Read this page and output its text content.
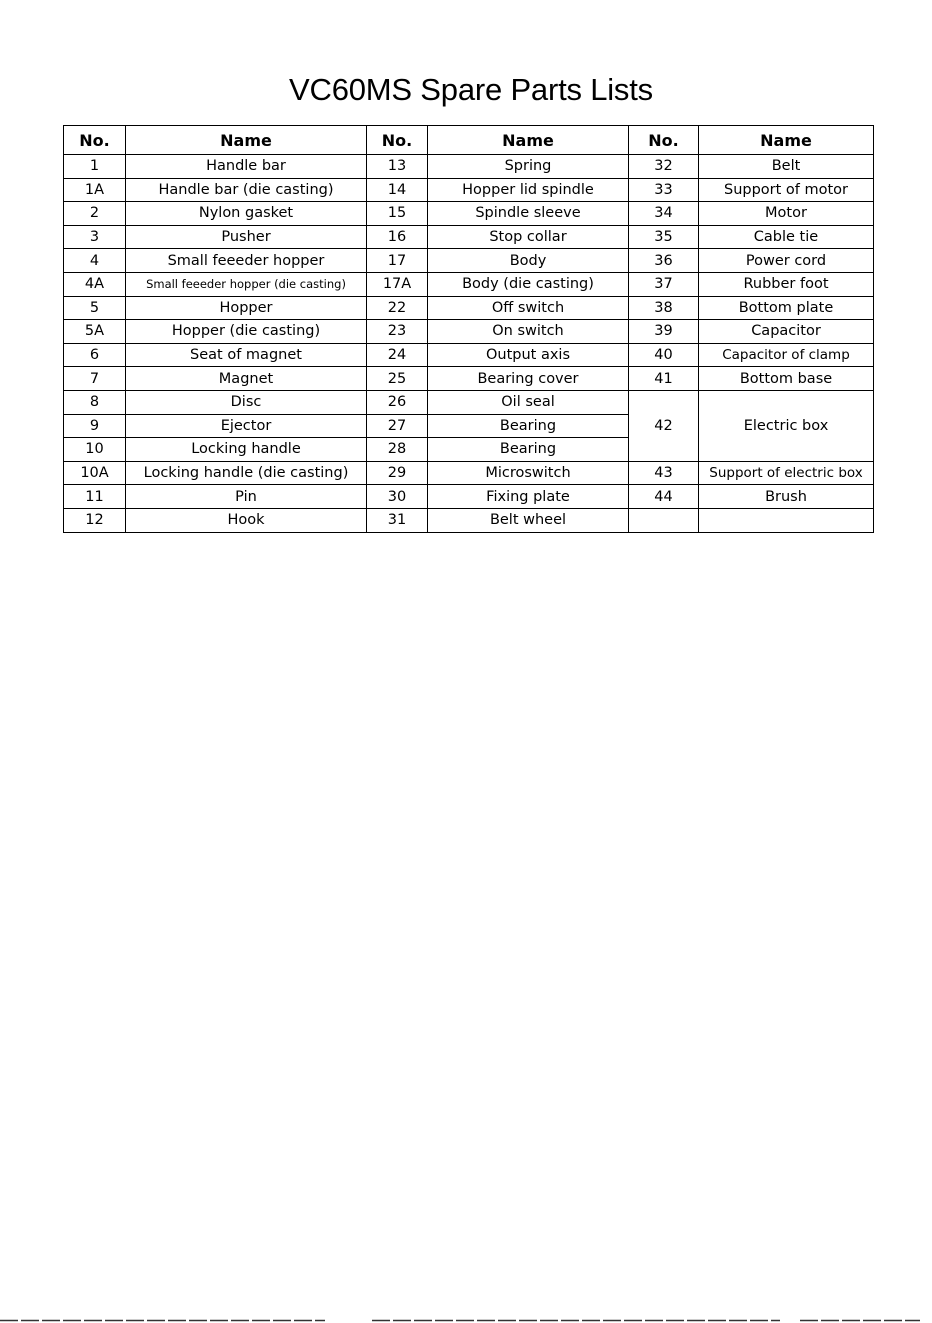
VC60MS Spare Parts Lists
No.	Name	No.	Name	No.	Name
1	Handle bar	13	Spring	32	Belt
1A	Handle bar (die casting)	14	Hopper lid spindle	33	Support of motor
2	Nylon gasket	15	Spindle sleeve	34	Motor
3	Pusher	16	Stop collar	35	Cable tie
4	Small feeeder hopper	17	Body	36	Power cord
4A	Small feeeder hopper (die casting)	17A	Body (die casting)	37	Rubber foot
5	Hopper	22	Off switch	38	Bottom plate
5A	Hopper (die casting)	23	On switch	39	Capacitor
6	Seat of magnet	24	Output axis	40	Capacitor of clamp
7	Magnet	25	Bearing cover	41	Bottom base
8	Disc	26	Oil seal	42	Electric box
9	Ejector	27	Bearing		
10	Locking handle	28	Bearing		
10A	Locking handle (die casting)	29	Microswitch	43	Support of electric box
11	Pin	30	Fixing plate	44	Brush
12	Hook	31	Belt wheel		
